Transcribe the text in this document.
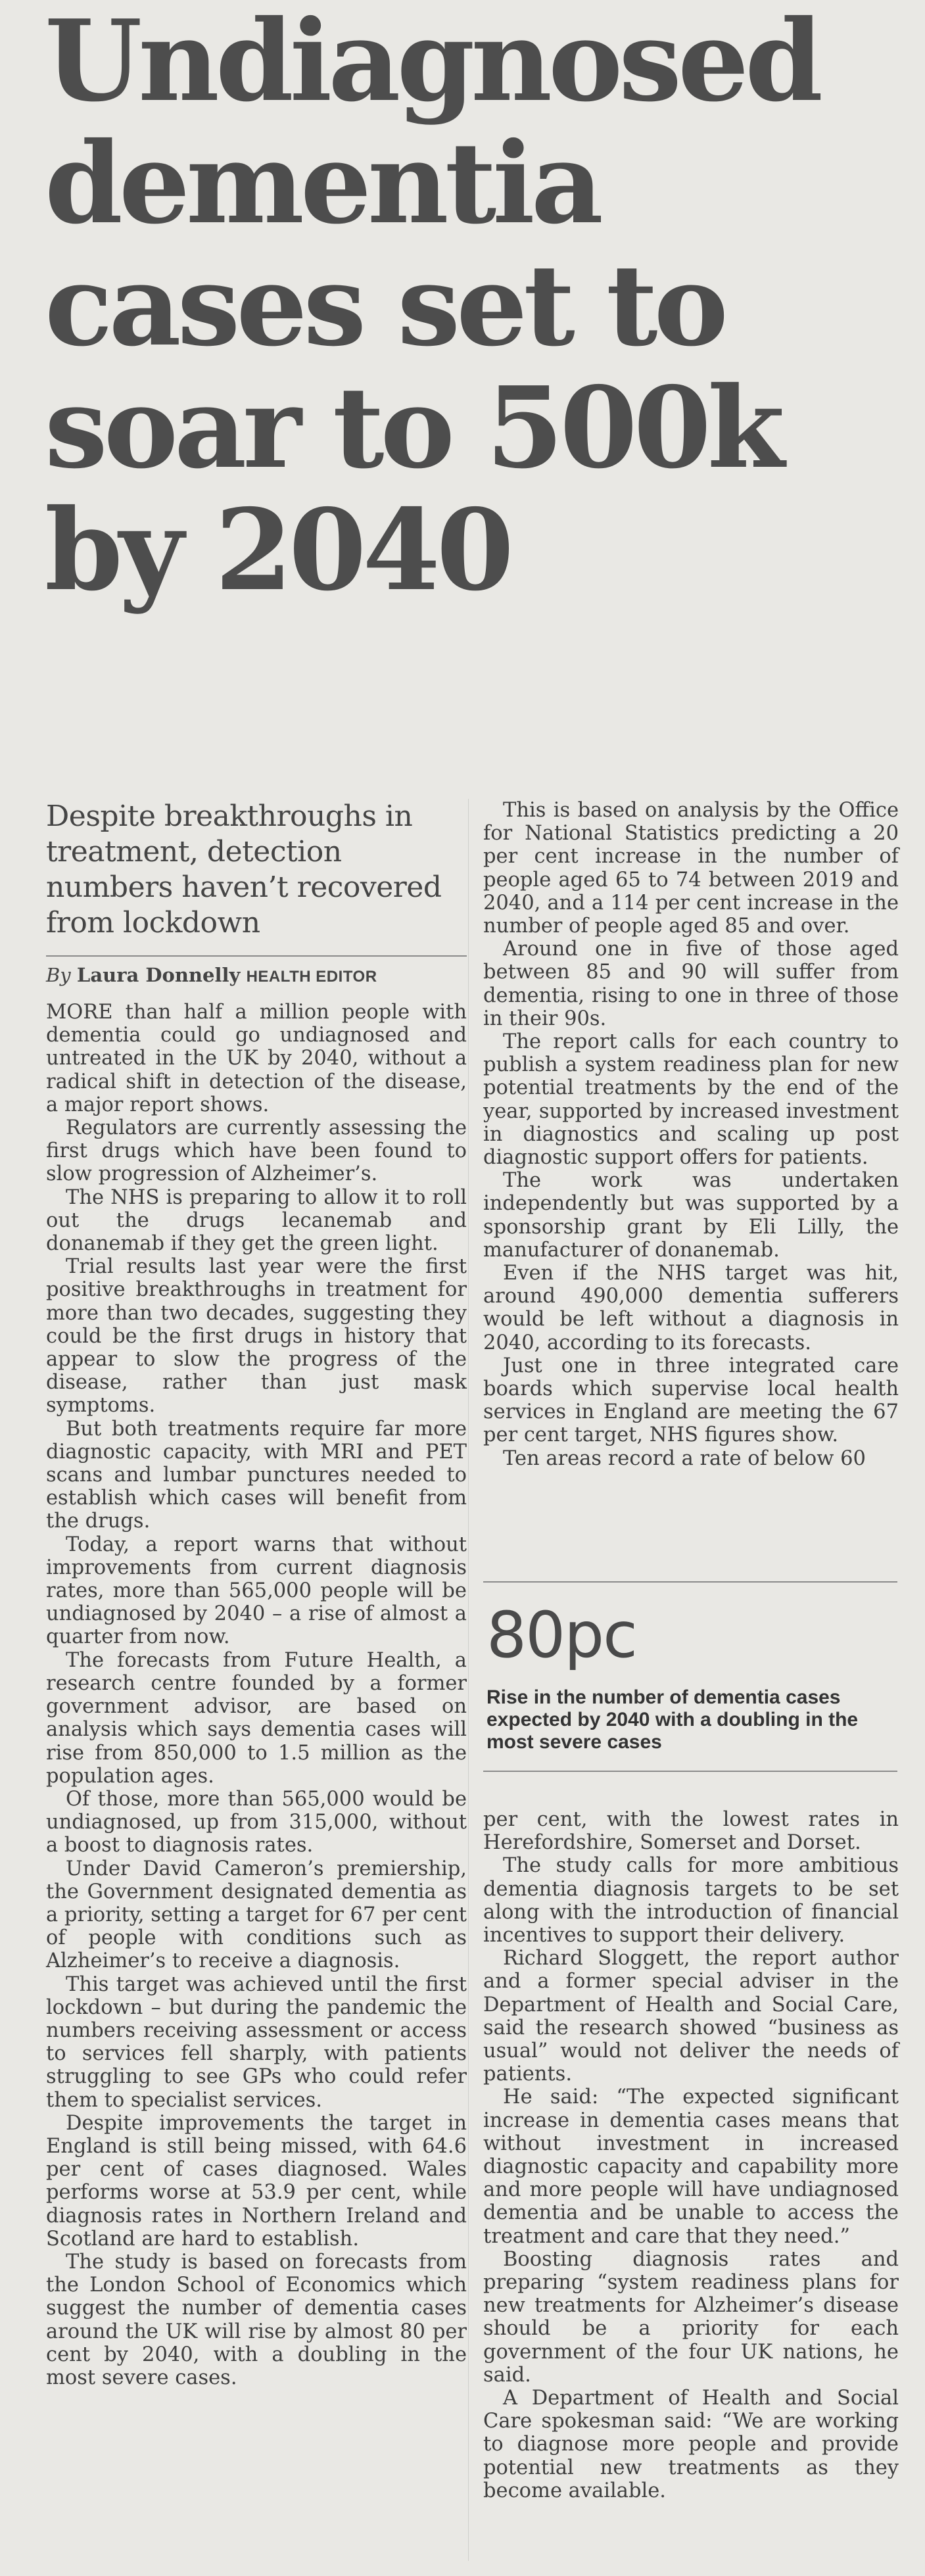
Undiagnosed
dementia
cases set to
soar to 500k
by 2040

Despite breakthroughs in treatment, detection numbers haven’t recovered from lockdown

By Laura Donnelly HEALTH EDITOR

MORE than half a million people with dementia could go undiagnosed and untreated in the UK by 2040, without a radical shift in detection of the disease, a major report shows.

Regulators are currently assessing the first drugs which have been found to slow progression of Alzheimer’s.

The NHS is preparing to allow it to roll out the drugs lecanemab and donanemab if they get the green light.

Trial results last year were the first positive breakthroughs in treatment for more than two decades, suggesting they could be the first drugs in history that appear to slow the progress of the disease, rather than just mask symptoms.

But both treatments require far more diagnostic capacity, with MRI and PET scans and lumbar punctures needed to establish which cases will benefit from the drugs.

Today, a report warns that without improvements from current diagnosis rates, more than 565,000 people will be undiagnosed by 2040 – a rise of almost a quarter from now.

The forecasts from Future Health, a research centre founded by a former government advisor, are based on analysis which says dementia cases will rise from 850,000 to 1.5 million as the population ages.

Of those, more than 565,000 would be undiagnosed, up from 315,000, without a boost to diagnosis rates.

Under David Cameron’s premiership, the Government designated dementia as a priority, setting a target for 67 per cent of people with conditions such as Alzheimer’s to receive a diagnosis.

This target was achieved until the first lockdown – but during the pandemic the numbers receiving assessment or access to services fell sharply, with patients struggling to see GPs who could refer them to specialist services.

Despite improvements the target in England is still being missed, with 64.6 per cent of cases diagnosed. Wales performs worse at 53.9 per cent, while diagnosis rates in Northern Ireland and Scotland are hard to establish.

The study is based on forecasts from the London School of Economics which suggest the number of dementia cases around the UK will rise by almost 80 per cent by 2040, with a doubling in the most severe cases.

This is based on analysis by the Office for National Statistics predicting a 20 per cent increase in the number of people aged 65 to 74 between 2019 and 2040, and a 114 per cent increase in the number of people aged 85 and over.

Around one in five of those aged between 85 and 90 will suffer from dementia, rising to one in three of those in their 90s.

The report calls for each country to publish a system readiness plan for new potential treatments by the end of the year, supported by increased investment in diagnostics and scaling up post diagnostic support offers for patients.

The work was undertaken independently but was supported by a sponsorship grant by Eli Lilly, the manufacturer of donanemab.

Even if the NHS target was hit, around 490,000 dementia sufferers would be left without a diagnosis in 2040, according to its forecasts.

Just one in three integrated care boards which supervise local health services in England are meeting the 67 per cent target, NHS figures show.

Ten areas record a rate of below 60

80pc
Rise in the number of dementia cases expected by 2040 with a doubling in the most severe cases

per cent, with the lowest rates in Herefordshire, Somerset and Dorset.

The study calls for more ambitious dementia diagnosis targets to be set along with the introduction of financial incentives to support their delivery.

Richard Sloggett, the report author and a former special adviser in the Department of Health and Social Care, said the research showed “business as usual” would not deliver the needs of patients.

He said: “The expected significant increase in dementia cases means that without investment in increased diagnostic capacity and capability more and more people will have undiagnosed dementia and be unable to access the treatment and care that they need.”

Boosting diagnosis rates and preparing “system readiness plans for new treatments for Alzheimer’s disease should be a priority for each government of the four UK nations, he said.

A Department of Health and Social Care spokesman said: “We are working to diagnose more people and provide potential new treatments as they become available.
